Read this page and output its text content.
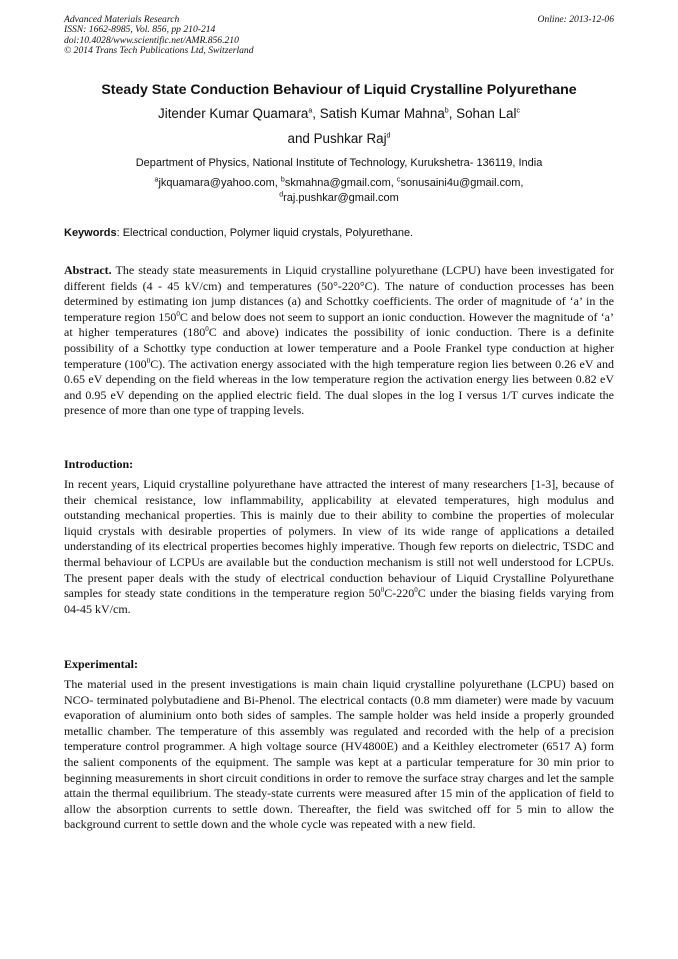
Advanced Materials Research
ISSN: 1662-8985, Vol. 856, pp 210-214
doi:10.4028/www.scientific.net/AMR.856.210
© 2014 Trans Tech Publications Ltd, Switzerland
Online: 2013-12-06
Steady State Conduction Behaviour of Liquid Crystalline Polyurethane
Jitender Kumar Quamara$^a$, Satish Kumar Mahna$^b$, Sohan Lal$^c$
and Pushkar Raj$^d$
Department of Physics, National Institute of Technology, Kurukshetra- 136119, India
$^a$jkquamara@yahoo.com, $^b$skmahna@gmail.com, $^c$sonusaini4u@gmail.com,
$^d$raj.pushkar@gmail.com
Keywords: Electrical conduction, Polymer liquid crystals, Polyurethane.
Abstract. The steady state measurements in Liquid crystalline polyurethane (LCPU) have been investigated for different fields (4 - 45 kV/cm) and temperatures (50°-220°C). The nature of conduction processes has been determined by estimating ion jump distances (a) and Schottky coefficients. The order of magnitude of ‘a’ in the temperature region $150^0C$ and below does not seem to support an ionic conduction. However the magnitude of ‘a’ at higher temperatures ($180^0C$ and above) indicates the possibility of ionic conduction. There is a definite possibility of a Schottky type conduction at lower temperature and a Poole Frankel type conduction at higher temperature $(100^0C)$. The activation energy associated with the high temperature region lies between 0.26 eV and 0.65 eV depending on the field whereas in the low temperature region the activation energy lies between 0.82 eV and 0.95 eV depending on the applied electric field. The dual slopes in the log I versus 1/T curves indicate the presence of more than one type of trapping levels.
Introduction:
In recent years, Liquid crystalline polyurethane have attracted the interest of many researchers [1-3], because of their chemical resistance, low inflammability, applicability at elevated temperatures, high modulus and outstanding mechanical properties. This is mainly due to their ability to combine the properties of molecular liquid crystals with desirable properties of polymers. In view of its wide range of applications a detailed understanding of its electrical properties becomes highly imperative. Though few reports on dielectric, TSDC and thermal behaviour of LCPUs are available but the conduction mechanism is still not well understood for LCPUs. The present paper deals with the study of electrical conduction behaviour of Liquid Crystalline Polyurethane samples for steady state conditions in the temperature region $50^0C-220^0C$ under the biasing fields varying from 04-45 kV/cm.
Experimental:
The material used in the present investigations is main chain liquid crystalline polyurethane (LCPU) based on NCO- terminated polybutadiene and Bi-Phenol. The electrical contacts (0.8 mm diameter) were made by vacuum evaporation of aluminium onto both sides of samples. The sample holder was held inside a properly grounded metallic chamber. The temperature of this assembly was regulated and recorded with the help of a precision temperature control programmer. A high voltage source (HV4800E) and a Keithley electrometer (6517 A) form the salient components of the equipment. The sample was kept at a particular temperature for 30 min prior to beginning measurements in short circuit conditions in order to remove the surface stray charges and let the sample attain the thermal equilibrium. The steady-state currents were measured after 15 min of the application of field to allow the absorption currents to settle down. Thereafter, the field was switched off for 5 min to allow the background current to settle down and the whole cycle was repeated with a new field.
